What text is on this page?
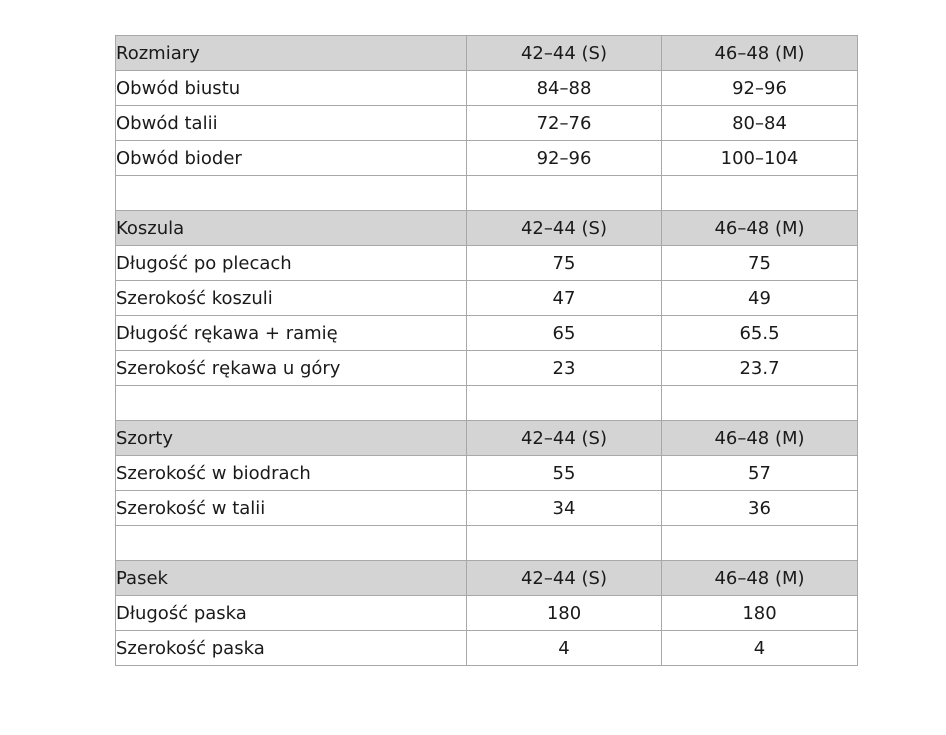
Rozmiary	42–44 (S)	46–48 (M)
Obwód biustu	84–88	92–96
Obwód talii	72–76	80–84
Obwód bioder	92–96	100–104

Koszula	42–44 (S)	46–48 (M)
Długość po plecach	75	75
Szerokość koszuli	47	49
Długość rękawa + ramię	65	65.5
Szerokość rękawa u góry	23	23.7

Szorty	42–44 (S)	46–48 (M)
Szerokość w biodrach	55	57
Szerokość w talii	34	36

Pasek	42–44 (S)	46–48 (M)
Długość paska	180	180
Szerokość paska	4	4
